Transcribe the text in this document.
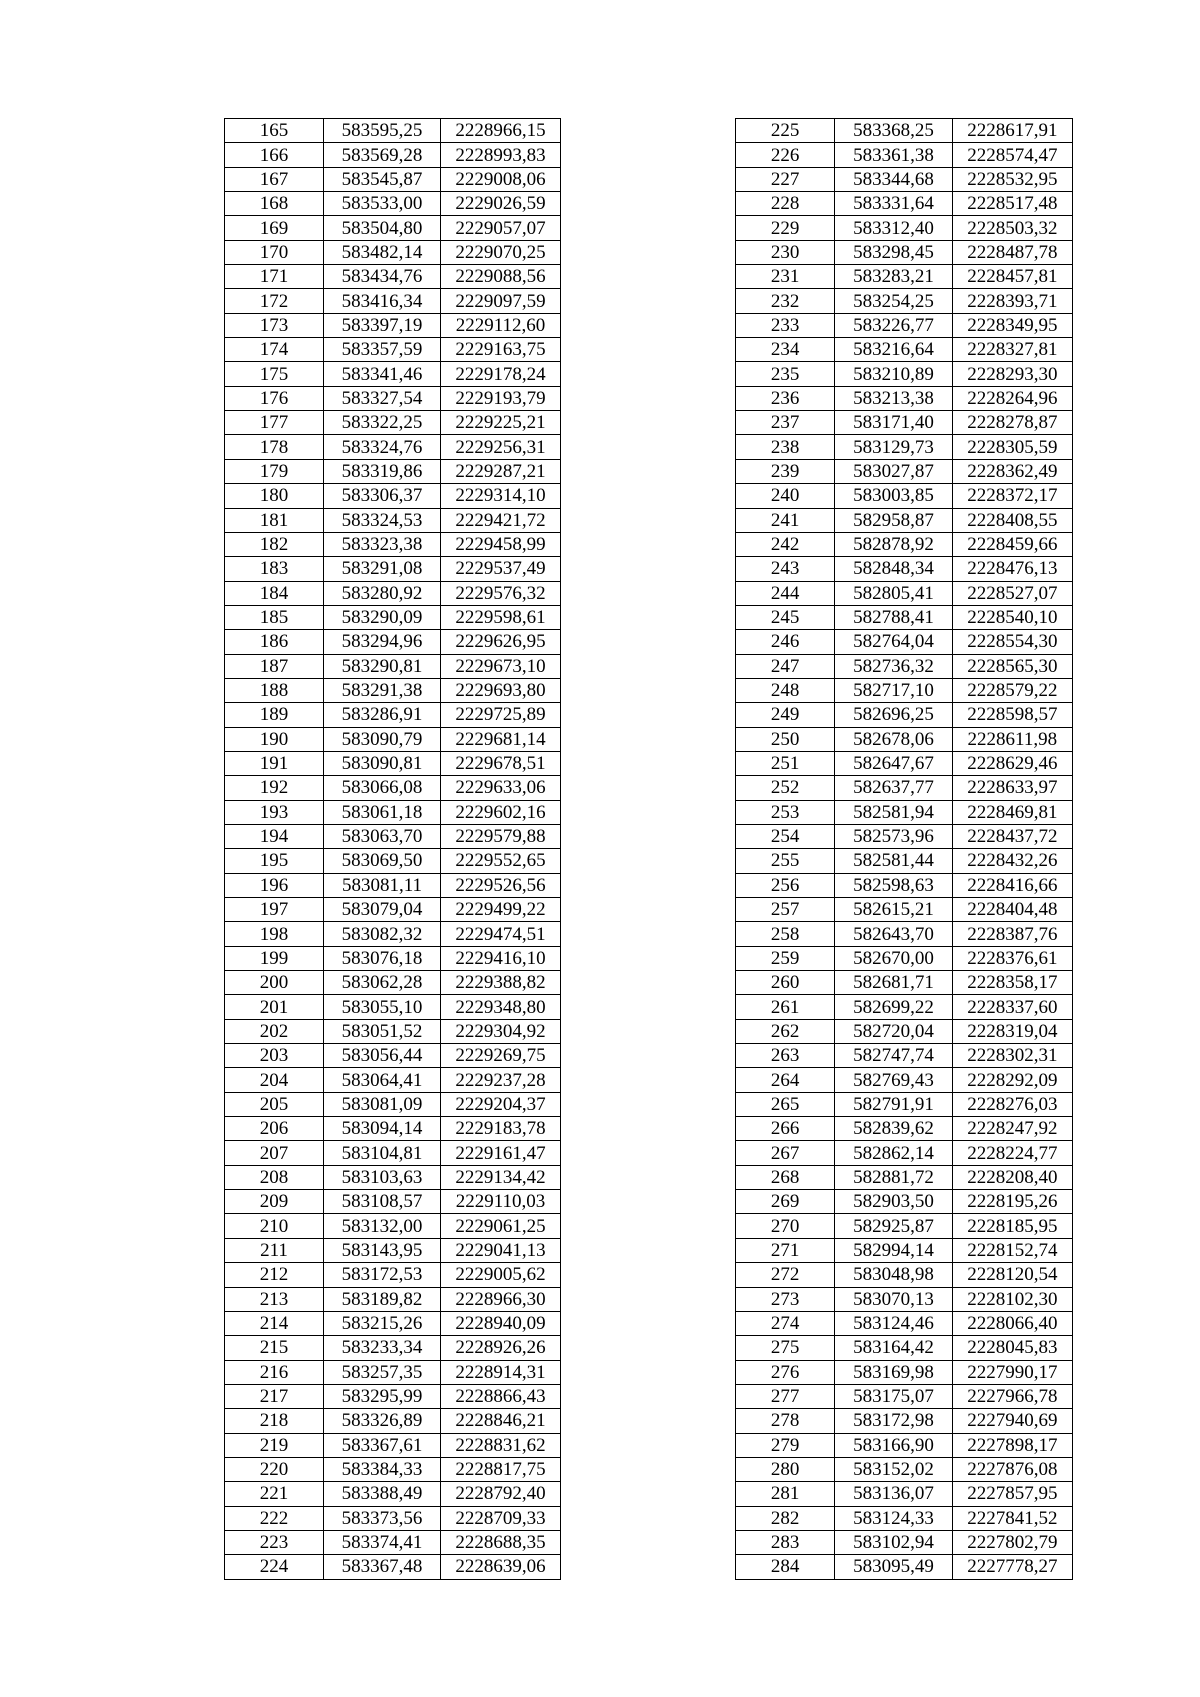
165	583595,25	2228966,15
166	583569,28	2228993,83
167	583545,87	2229008,06
168	583533,00	2229026,59
169	583504,80	2229057,07
170	583482,14	2229070,25
171	583434,76	2229088,56
172	583416,34	2229097,59
173	583397,19	2229112,60
174	583357,59	2229163,75
175	583341,46	2229178,24
176	583327,54	2229193,79
177	583322,25	2229225,21
178	583324,76	2229256,31
179	583319,86	2229287,21
180	583306,37	2229314,10
181	583324,53	2229421,72
182	583323,38	2229458,99
183	583291,08	2229537,49
184	583280,92	2229576,32
185	583290,09	2229598,61
186	583294,96	2229626,95
187	583290,81	2229673,10
188	583291,38	2229693,80
189	583286,91	2229725,89
190	583090,79	2229681,14
191	583090,81	2229678,51
192	583066,08	2229633,06
193	583061,18	2229602,16
194	583063,70	2229579,88
195	583069,50	2229552,65
196	583081,11	2229526,56
197	583079,04	2229499,22
198	583082,32	2229474,51
199	583076,18	2229416,10
200	583062,28	2229388,82
201	583055,10	2229348,80
202	583051,52	2229304,92
203	583056,44	2229269,75
204	583064,41	2229237,28
205	583081,09	2229204,37
206	583094,14	2229183,78
207	583104,81	2229161,47
208	583103,63	2229134,42
209	583108,57	2229110,03
210	583132,00	2229061,25
211	583143,95	2229041,13
212	583172,53	2229005,62
213	583189,82	2228966,30
214	583215,26	2228940,09
215	583233,34	2228926,26
216	583257,35	2228914,31
217	583295,99	2228866,43
218	583326,89	2228846,21
219	583367,61	2228831,62
220	583384,33	2228817,75
221	583388,49	2228792,40
222	583373,56	2228709,33
223	583374,41	2228688,35
224	583367,48	2228639,06
225	583368,25	2228617,91
226	583361,38	2228574,47
227	583344,68	2228532,95
228	583331,64	2228517,48
229	583312,40	2228503,32
230	583298,45	2228487,78
231	583283,21	2228457,81
232	583254,25	2228393,71
233	583226,77	2228349,95
234	583216,64	2228327,81
235	583210,89	2228293,30
236	583213,38	2228264,96
237	583171,40	2228278,87
238	583129,73	2228305,59
239	583027,87	2228362,49
240	583003,85	2228372,17
241	582958,87	2228408,55
242	582878,92	2228459,66
243	582848,34	2228476,13
244	582805,41	2228527,07
245	582788,41	2228540,10
246	582764,04	2228554,30
247	582736,32	2228565,30
248	582717,10	2228579,22
249	582696,25	2228598,57
250	582678,06	2228611,98
251	582647,67	2228629,46
252	582637,77	2228633,97
253	582581,94	2228469,81
254	582573,96	2228437,72
255	582581,44	2228432,26
256	582598,63	2228416,66
257	582615,21	2228404,48
258	582643,70	2228387,76
259	582670,00	2228376,61
260	582681,71	2228358,17
261	582699,22	2228337,60
262	582720,04	2228319,04
263	582747,74	2228302,31
264	582769,43	2228292,09
265	582791,91	2228276,03
266	582839,62	2228247,92
267	582862,14	2228224,77
268	582881,72	2228208,40
269	582903,50	2228195,26
270	582925,87	2228185,95
271	582994,14	2228152,74
272	583048,98	2228120,54
273	583070,13	2228102,30
274	583124,46	2228066,40
275	583164,42	2228045,83
276	583169,98	2227990,17
277	583175,07	2227966,78
278	583172,98	2227940,69
279	583166,90	2227898,17
280	583152,02	2227876,08
281	583136,07	2227857,95
282	583124,33	2227841,52
283	583102,94	2227802,79
284	583095,49	2227778,27
